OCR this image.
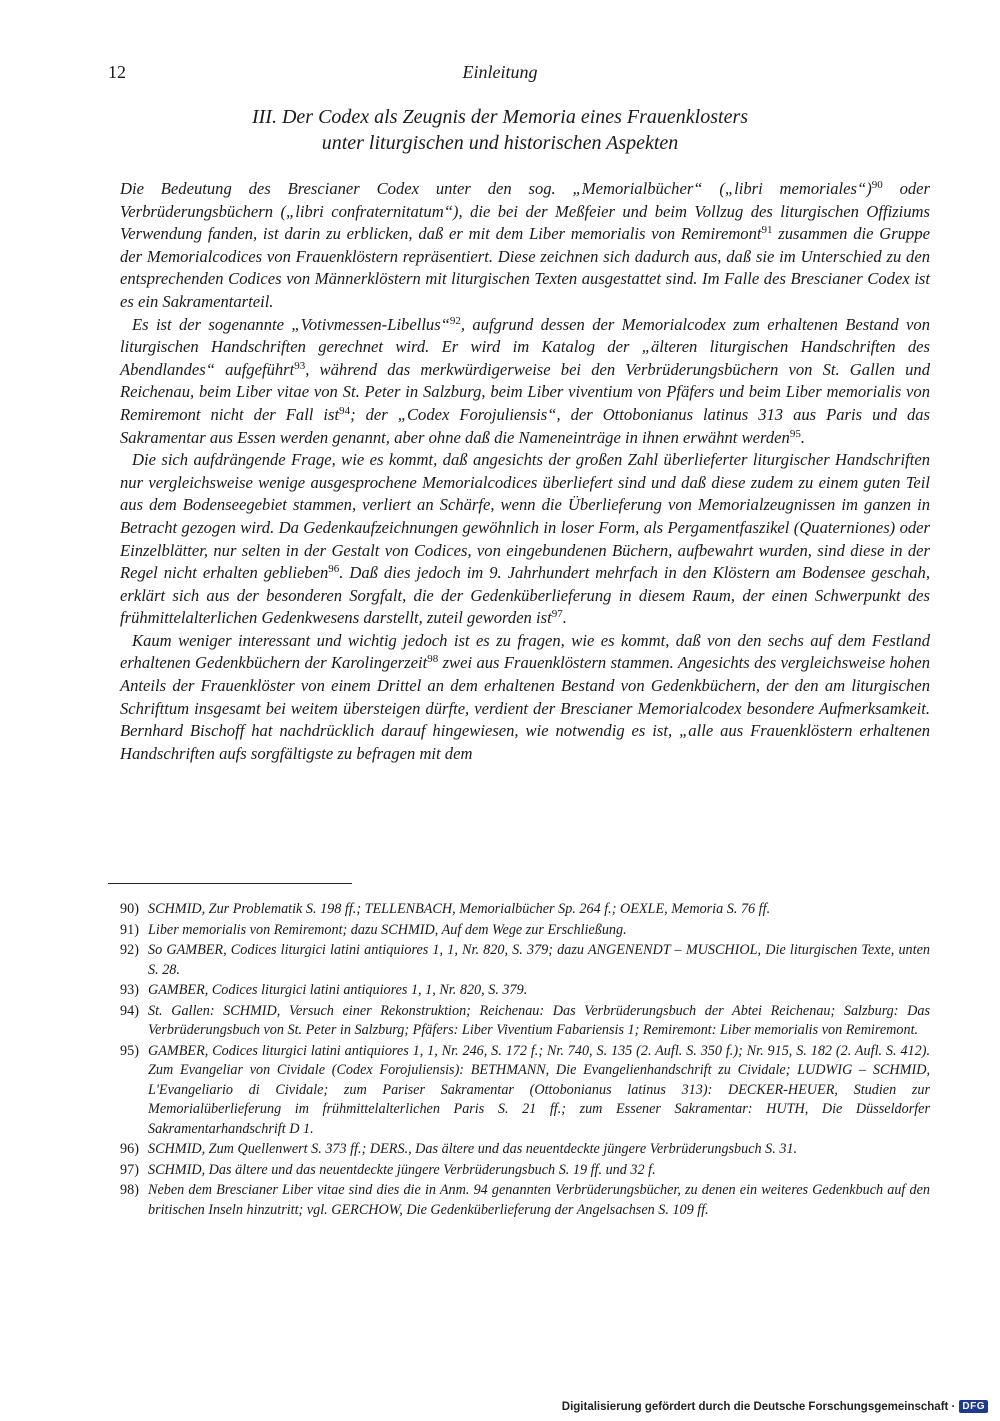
12	Einleitung
III. Der Codex als Zeugnis der Memoria eines Frauenklosters
unter liturgischen und historischen Aspekten

Die Bedeutung des Brescianer Codex unter den sog. „Memorialbücher“ („libri memoriales“)$^{90}$ oder Verbrüderungsbüchern („libri confraternitatum“), die bei der Meßfeier und beim Vollzug des liturgischen Offiziums Verwendung fanden, ist darin zu erblicken, daß er mit dem Liber memorialis von Remiremont$^{91}$ zusammen die Gruppe der Memorialcodices von Frauenklöstern repräsentiert. Diese zeichnen sich dadurch aus, daß sie im Unterschied zu den entsprechenden Codices von Männerklöstern mit liturgischen Texten ausgestattet sind. Im Falle des Brescianer Codex ist es ein Sakramentarteil.

Es ist der sogenannte „Votivmessen-Libellus“$^{92}$, aufgrund dessen der Memorialcodex zum erhaltenen Bestand von liturgischen Handschriften gerechnet wird. Er wird im Katalog der „älteren liturgischen Handschriften des Abendlandes“ aufgeführt$^{93}$, während das merkwürdigerweise bei den Verbrüderungsbüchern von St. Gallen und Reichenau, beim Liber vitae von St. Peter in Salzburg, beim Liber viventium von Pfäfers und beim Liber memorialis von Remiremont nicht der Fall ist$^{94}$; der „Codex Forojuliensis“, der Ottobonianus latinus 313 aus Paris und das Sakramentar aus Essen werden genannt, aber ohne daß die Nameneinträge in ihnen erwähnt werden$^{95}$.

Die sich aufdrängende Frage, wie es kommt, daß angesichts der großen Zahl überlieferter liturgischer Handschriften nur vergleichsweise wenige ausgesprochene Memorialcodices überliefert sind und daß diese zudem zu einem guten Teil aus dem Bodenseegebiet stammen, verliert an Schärfe, wenn die Überlieferung von Memorialzeugnissen im ganzen in Betracht gezogen wird. Da Gedenkaufzeichnungen gewöhnlich in loser Form, als Pergamentfaszikel (Quaterniones) oder Einzelblätter, nur selten in der Gestalt von Codices, von eingebundenen Büchern, aufbewahrt wurden, sind diese in der Regel nicht erhalten geblieben$^{96}$. Daß dies jedoch im 9. Jahrhundert mehrfach in den Klöstern am Bodensee geschah, erklärt sich aus der besonderen Sorgfalt, die der Gedenküberlieferung in diesem Raum, der einen Schwerpunkt des frühmittelalterlichen Gedenkwesens darstellt, zuteil geworden ist$^{97}$.

Kaum weniger interessant und wichtig jedoch ist es zu fragen, wie es kommt, daß von den sechs auf dem Festland erhaltenen Gedenkbüchern der Karolingerzeit$^{98}$ zwei aus Frauenklöstern stammen. Angesichts des vergleichsweise hohen Anteils der Frauenklöster von einem Drittel an dem erhaltenen Bestand von Gedenkbüchern, der den am liturgischen Schrifttum insgesamt bei weitem übersteigen dürfte, verdient der Brescianer Memorialcodex besondere Aufmerksamkeit. Bernhard Bischoff hat nachdrücklich darauf hingewiesen, wie notwendig es ist, „alle aus Frauenklöstern erhaltenen Handschriften aufs sorgfältigste zu befragen mit dem

90) SCHMID, Zur Problematik S. 198 ff.; TELLENBACH, Memorialbücher Sp. 264 f.; OEXLE, Memoria S. 76 ff.
91) Liber memorialis von Remiremont; dazu SCHMID, Auf dem Wege zur Erschließung.
92) So GAMBER, Codices liturgici latini antiquiores 1, 1, Nr. 820, S. 379; dazu ANGENENDT – MUSCHIOL, Die liturgischen Texte, unten S. 28.
93) GAMBER, Codices liturgici latini antiquiores 1, 1, Nr. 820, S. 379.
94) St. Gallen: SCHMID, Versuch einer Rekonstruktion; Reichenau: Das Verbrüderungsbuch der Abtei Reichenau; Salzburg: Das Verbrüderungsbuch von St. Peter in Salzburg; Pfäfers: Liber Viventium Fabariensis 1; Remiremont: Liber memorialis von Remiremont.
95) GAMBER, Codices liturgici latini antiquiores 1, 1, Nr. 246, S. 172 f.; Nr. 740, S. 135 (2. Aufl. S. 350 f.); Nr. 915, S. 182 (2. Aufl. S. 412). Zum Evangeliar von Cividale (Codex Forojuliensis): BETHMANN, Die Evangelienhandschrift zu Cividale; LUDWIG – SCHMID, L'Evangeliario di Cividale; zum Pariser Sakramentar (Ottobonianus latinus 313): DECKER-HEUER, Studien zur Memorialüberlieferung im frühmittelalterlichen Paris S. 21 ff.; zum Essener Sakramentar: HUTH, Die Düsseldorfer Sakramentarhandschrift D 1.
96) SCHMID, Zum Quellenwert S. 373 ff.; DERS., Das ältere und das neuentdeckte jüngere Verbrüderungsbuch S. 31.
97) SCHMID, Das ältere und das neuentdeckte jüngere Verbrüderungsbuch S. 19 ff. und 32 f.
98) Neben dem Brescianer Liber vitae sind dies die in Anm. 94 genannten Verbrüderungsbücher, zu denen ein weiteres Gedenkbuch auf den britischen Inseln hinzutritt; vgl. GERCHOW, Die Gedenküberlieferung der Angelsachsen S. 109 ff.
Digitalisierung gefördert durch die Deutsche Forschungsgemeinschaft · DFG
